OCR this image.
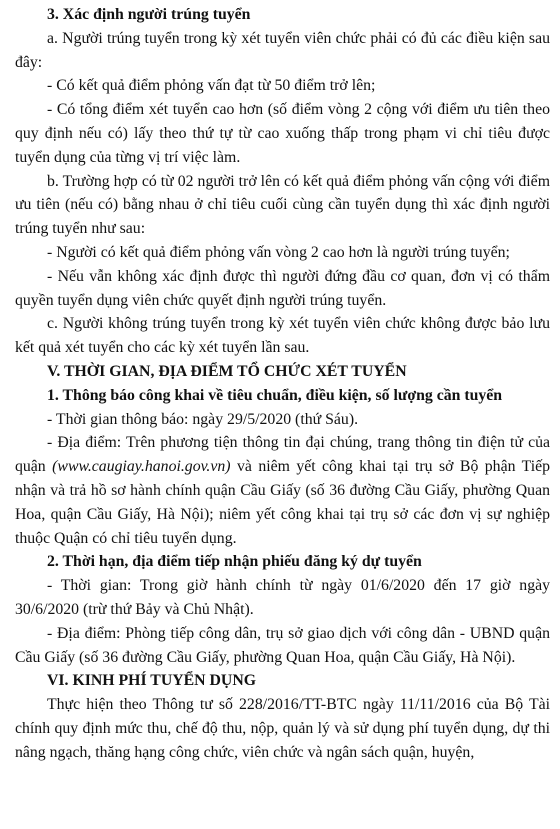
3. Xác định người trúng tuyển

a. Người trúng tuyển trong kỳ xét tuyển viên chức phải có đủ các điều kiện sau đây:

- Có kết quả điểm phỏng vấn đạt từ 50 điểm trở lên;

- Có tổng điểm xét tuyển cao hơn (số điểm vòng 2 cộng với điểm ưu tiên theo quy định nếu có) lấy theo thứ tự từ cao xuống thấp trong phạm vi chỉ tiêu được tuyển dụng của từng vị trí việc làm.

b. Trường hợp có từ 02 người trở lên có kết quả điểm phỏng vấn cộng với điểm ưu tiên (nếu có) bằng nhau ở chỉ tiêu cuối cùng cần tuyển dụng thì xác định người trúng tuyển như sau:

- Người có kết quả điểm phỏng vấn vòng 2 cao hơn là người trúng tuyển;

- Nếu vẫn không xác định được thì người đứng đầu cơ quan, đơn vị có thẩm quyền tuyển dụng viên chức quyết định người trúng tuyển.

c. Người không trúng tuyển trong kỳ xét tuyển viên chức không được bảo lưu kết quả xét tuyển cho các kỳ xét tuyển lần sau.

V. THỜI GIAN, ĐỊA ĐIỂM TỔ CHỨC XÉT TUYỂN

1. Thông báo công khai về tiêu chuẩn, điều kiện, số lượng cần tuyển

- Thời gian thông báo: ngày 29/5/2020 (thứ Sáu).

- Địa điểm: Trên phương tiện thông tin đại chúng, trang thông tin điện tử của quận (www.caugiay.hanoi.gov.vn) và niêm yết công khai tại trụ sở Bộ phận Tiếp nhận và trả hồ sơ hành chính quận Cầu Giấy (số 36 đường Cầu Giấy, phường Quan Hoa, quận Cầu Giấy, Hà Nội); niêm yết công khai tại trụ sở các đơn vị sự nghiệp thuộc Quận có chỉ tiêu tuyển dụng.

2. Thời hạn, địa điểm tiếp nhận phiếu đăng ký dự tuyển

- Thời gian: Trong giờ hành chính từ ngày 01/6/2020 đến 17 giờ ngày 30/6/2020 (trừ thứ Bảy và Chủ Nhật).

- Địa điểm: Phòng tiếp công dân, trụ sở giao dịch với công dân - UBND quận Cầu Giấy (số 36 đường Cầu Giấy, phường Quan Hoa, quận Cầu Giấy, Hà Nội).

VI. KINH PHÍ TUYỂN DỤNG

Thực hiện theo Thông tư số 228/2016/TT-BTC ngày 11/11/2016 của Bộ Tài chính quy định mức thu, chế độ thu, nộp, quản lý và sử dụng phí tuyển dụng, dự thi nâng ngạch, thăng hạng công chức, viên chức và ngân sách quận, huyện,
